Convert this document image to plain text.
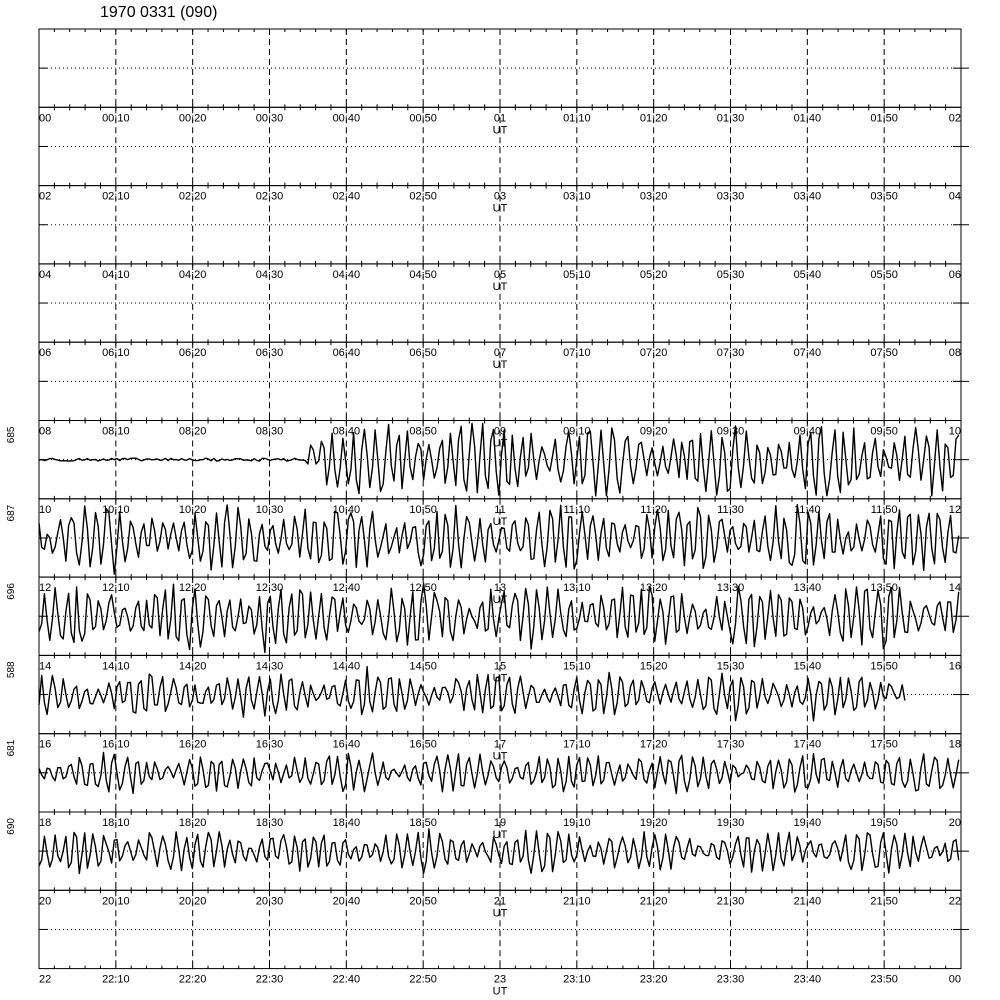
1970 0331 (090)
00	00:10	00:20	00:30	00:40	00:50	01	01:10	01:20	01:30	01:40	01:50	02
UT
02	02:10	02:20	02:30	02:40	02:50	03	03:10	03:20	03:30	03:40	03:50	04
UT
04	04:10	04:20	04:30	04:40	04:50	05	05:10	05:20	05:30	05:40	05:50	06
UT
06	06:10	06:20	06:30	06:40	06:50	07	07:10	07:20	07:30	07:40	07:50	08
UT
08	08:10	08:20	08:30	08:40	08:50	09	09:10	09:20	09:30	09:40	09:50	10
UT
10	10:10	10:20	10:30	10:40	10:50	11	11:10	11:20	11:30	11:40	11:50	12
UT
685
12	12:10	12:20	12:30	12:40	12:50	13	13:10	13:20	13:30	13:40	13:50	14
UT
687
14	14:10	14:20	14:30	14:40	14:50	15	15:10	15:20	15:30	15:40	15:50	16
UT
696
16	16:10	16:20	16:30	16:40	16:50	17	17:10	17:20	17:30	17:40	17:50	18
UT
588
18	18:10	18:20	18:30	18:40	18:50	19	19:10	19:20	19:30	19:40	19:50	20
UT
681
20	20:10	20:20	20:30	20:40	20:50	21	21:10	21:20	21:30	21:40	21:50	22
UT
690
22	22:10	22:20	22:30	22:40	22:50	23	23:10	23:20	23:30	23:40	23:50	00
UT
